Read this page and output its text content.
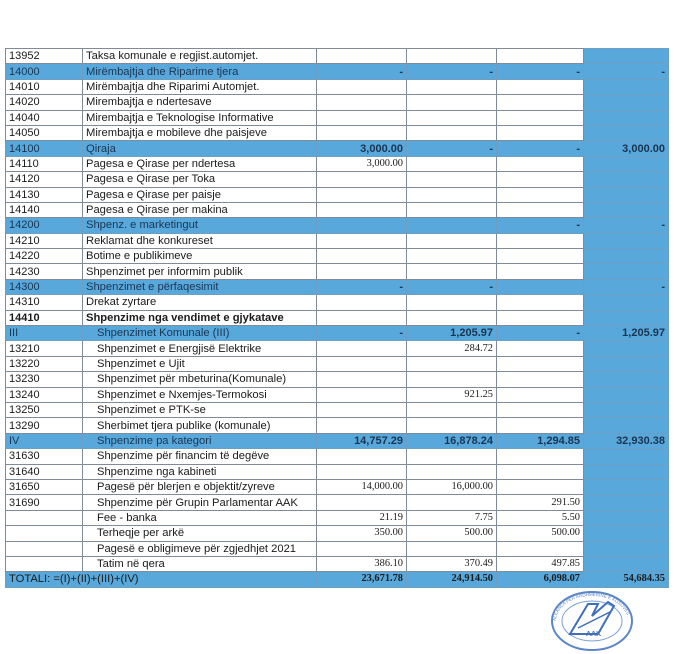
13952	Taksa komunale e regjist.automjet.				
14000	Mirëmbajtja dhe Riparime tjera	-	-	-	-
14010	Mirëmbajtja dhe Riparimi Automjet.				
14020	Mirembajtja e ndertesave				
14040	Mirembajtja e Teknologise Informative				
14050	Mirembajtja e mobileve dhe paisjeve				
14100	Qiraja	3,000.00	-	-	3,000.00
14110	Pagesa e Qirase per ndertesa	3,000.00			
14120	Pagesa e Qirase per Toka				
14130	Pagesa e Qirase per paisje				
14140	Pagesa e Qirase per makina				
14200	Shpenz. e marketingut			-	-
14210	Reklamat dhe konkureset				
14220	Botime e publikimeve				
14230	Shpenzimet per informim publik				
14300	Shpenzimet e përfaqesimit	-	-		-
14310	Drekat zyrtare				
14410	Shpenzime nga vendimet e gjykatave				
III	Shpenzimet Komunale (III)	-	1,205.97	-	1,205.97
13210	Shpenzimet e Energjisë Elektrike		284.72		
13220	Shpenzimet e Ujit				
13230	Shpenzimet për mbeturina(Komunale)				
13240	Shpenzimet e Nxemjes-Termokosi		921.25		
13250	Shpenzimet e PTK-se				
13290	Sherbimet tjera publike (komunale)				
IV	Shpenzime pa kategori	14,757.29	16,878.24	1,294.85	32,930.38
31630	Shpenzime për financim të degëve				
31640	Shpenzime nga kabineti				
31650	Pagesë për blerjen e objektit/zyreve	14,000.00	16,000.00		
31690	Shpenzime për Grupin Parlamentar AAK			291.50	
	Fee - banka	21.19	7.75	5.50	
	Terheqje per arkë	350.00	500.00	500.00	
	Pagesë e obligimeve për zgjedhjet 2021				
	Tatim në qera	386.10	370.49	497.85	
TOTALI: =(I)+(II)+(III)+(IV)		23,671.78	24,914.50	6,098.07	54,684.35
AAK
ALEANCA PËR ARDHMËRINË E KOSOVËS
